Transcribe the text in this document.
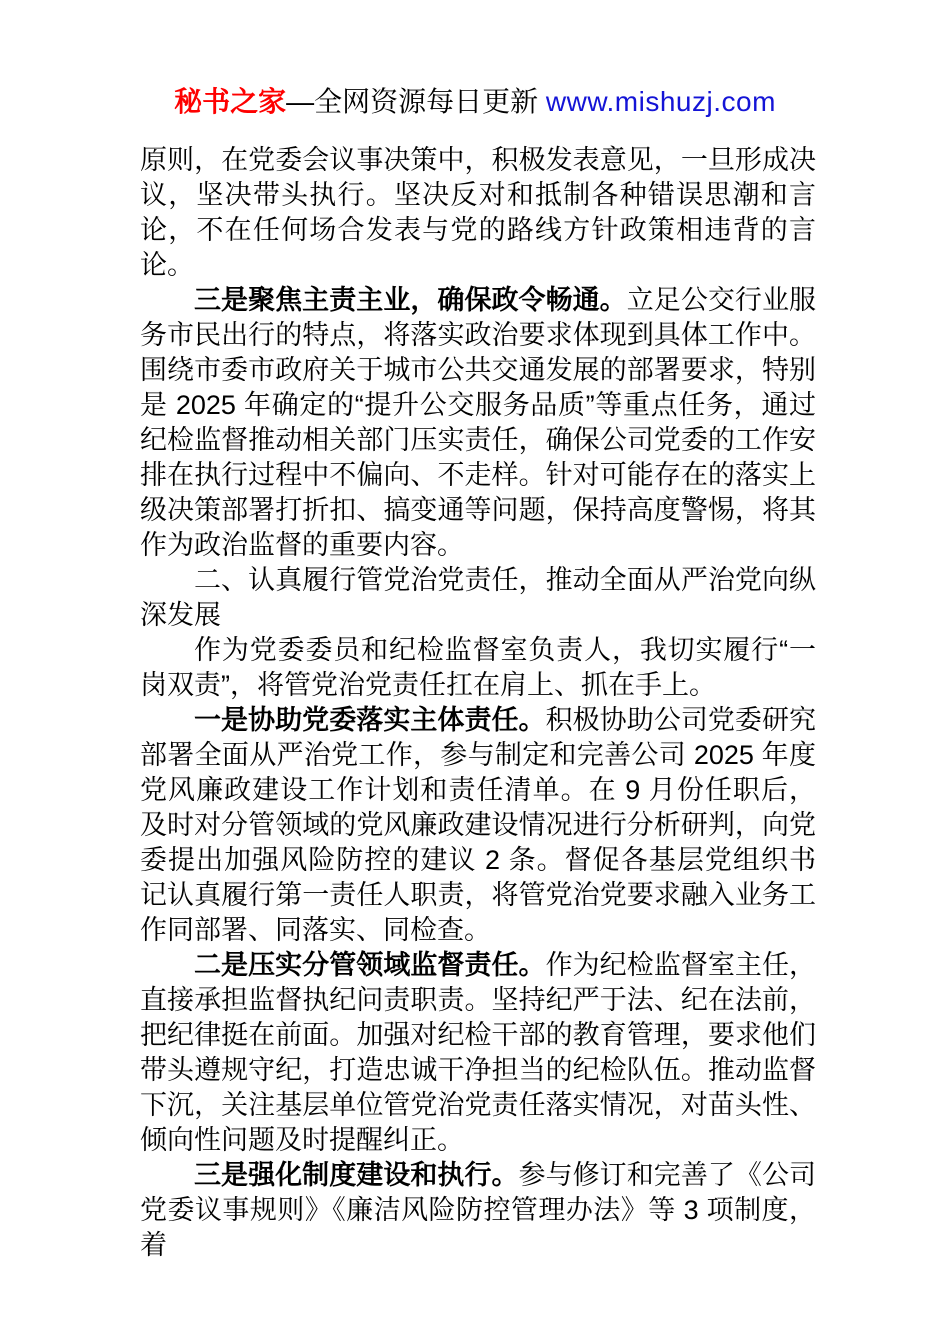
秘书之家—全网资源每日更新 www.mishuzj.com

原则，在党委会议事决策中，积极发表意见，一旦形成决议，坚决带头执行。坚决反对和抵制各种错误思潮和言论，不在任何场合发表与党的路线方针政策相违背的言论。

三是聚焦主责主业，确保政令畅通。立足公交行业服务市民出行的特点，将落实政治要求体现到具体工作中。围绕市委市政府关于城市公共交通发展的部署要求，特别是 2025 年确定的“提升公交服务品质”等重点任务，通过纪检监督推动相关部门压实责任，确保公司党委的工作安排在执行过程中不偏向、不走样。针对可能存在的落实上级决策部署打折扣、搞变通等问题，保持高度警惕，将其作为政治监督的重要内容。

二、认真履行管党治党责任，推动全面从严治党向纵深发展

作为党委委员和纪检监督室负责人，我切实履行“一岗双责”，将管党治党责任扛在肩上、抓在手上。

一是协助党委落实主体责任。积极协助公司党委研究部署全面从严治党工作，参与制定和完善公司 2025 年度党风廉政建设工作计划和责任清单。在 9 月份任职后，及时对分管领域的党风廉政建设情况进行分析研判，向党委提出加强风险防控的建议 2 条。督促各基层党组织书记认真履行第一责任人职责，将管党治党要求融入业务工作同部署、同落实、同检查。

二是压实分管领域监督责任。作为纪检监督室主任，直接承担监督执纪问责职责。坚持纪严于法、纪在法前，把纪律挺在前面。加强对纪检干部的教育管理，要求他们带头遵规守纪，打造忠诚干净担当的纪检队伍。推动监督下沉，关注基层单位管党治党责任落实情况，对苗头性、倾向性问题及时提醒纠正。

三是强化制度建设和执行。参与修订和完善了《公司党委议事规则》《廉洁风险防控管理办法》等 3 项制度，着
